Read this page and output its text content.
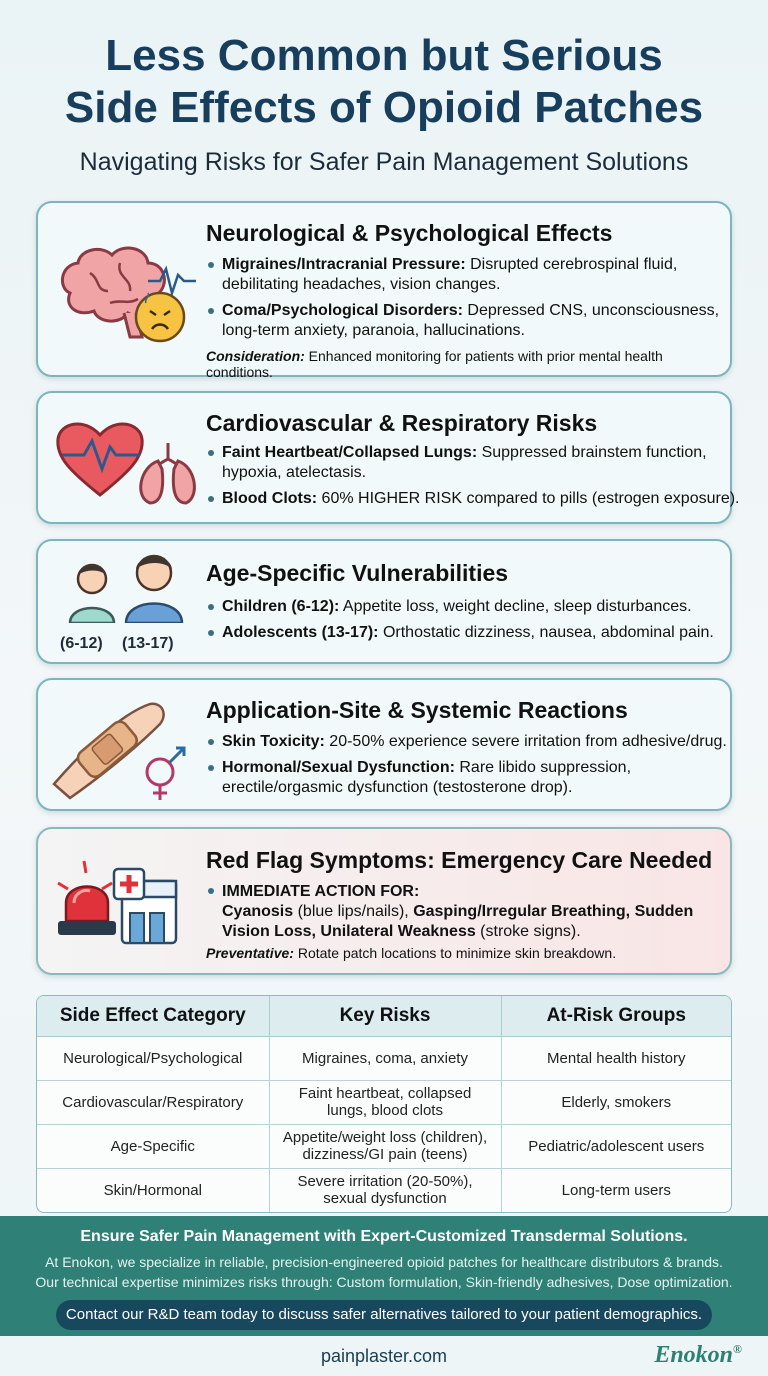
Less Common but Serious
Side Effects of Opioid Patches
Navigating Risks for Safer Pain Management Solutions
Neurological & Psychological Effects
Migraines/Intracranial Pressure: Disrupted cerebrospinal fluid,
debilitating headaches, vision changes.
Coma/Psychological Disorders: Depressed CNS, unconsciousness,
long-term anxiety, paranoia, hallucinations.
Consideration: Enhanced monitoring for patients with prior mental health conditions.
Cardiovascular & Respiratory Risks
Faint Heartbeat/Collapsed Lungs: Suppressed brainstem function,
hypoxia, atelectasis.
Blood Clots: 60% HIGHER RISK compared to pills (estrogen exposure).
(6-12) (13-17)
Age-Specific Vulnerabilities
Children (6-12): Appetite loss, weight decline, sleep disturbances.
Adolescents (13-17): Orthostatic dizziness, nausea, abdominal pain.
Application-Site & Systemic Reactions
Skin Toxicity: 20-50% experience severe irritation from adhesive/drug.
Hormonal/Sexual Dysfunction: Rare libido suppression,
erectile/orgasmic dysfunction (testosterone drop).
Red Flag Symptoms: Emergency Care Needed
IMMEDIATE ACTION FOR:
Cyanosis (blue lips/nails), Gasping/Irregular Breathing, Sudden
Vision Loss, Unilateral Weakness (stroke signs).
Preventative: Rotate patch locations to minimize skin breakdown.
Side Effect Category	Key Risks	At-Risk Groups
Neurological/Psychological	Migraines, coma, anxiety	Mental health history
Cardiovascular/Respiratory	Faint heartbeat, collapsed
lungs, blood clots	Elderly, smokers
Age-Specific	Appetite/weight loss (children),
dizziness/GI pain (teens)	Pediatric/adolescent users
Skin/Hormonal	Severe irritation (20-50%),
sexual dysfunction	Long-term users
Ensure Safer Pain Management with Expert-Customized Transdermal Solutions.
At Enokon, we specialize in reliable, precision-engineered opioid patches for healthcare distributors & brands.
Our technical expertise minimizes risks through: Custom formulation, Skin-friendly adhesives, Dose optimization.
Contact our R&D team today to discuss safer alternatives tailored to your patient demographics.
painplaster.com	Enokon®
